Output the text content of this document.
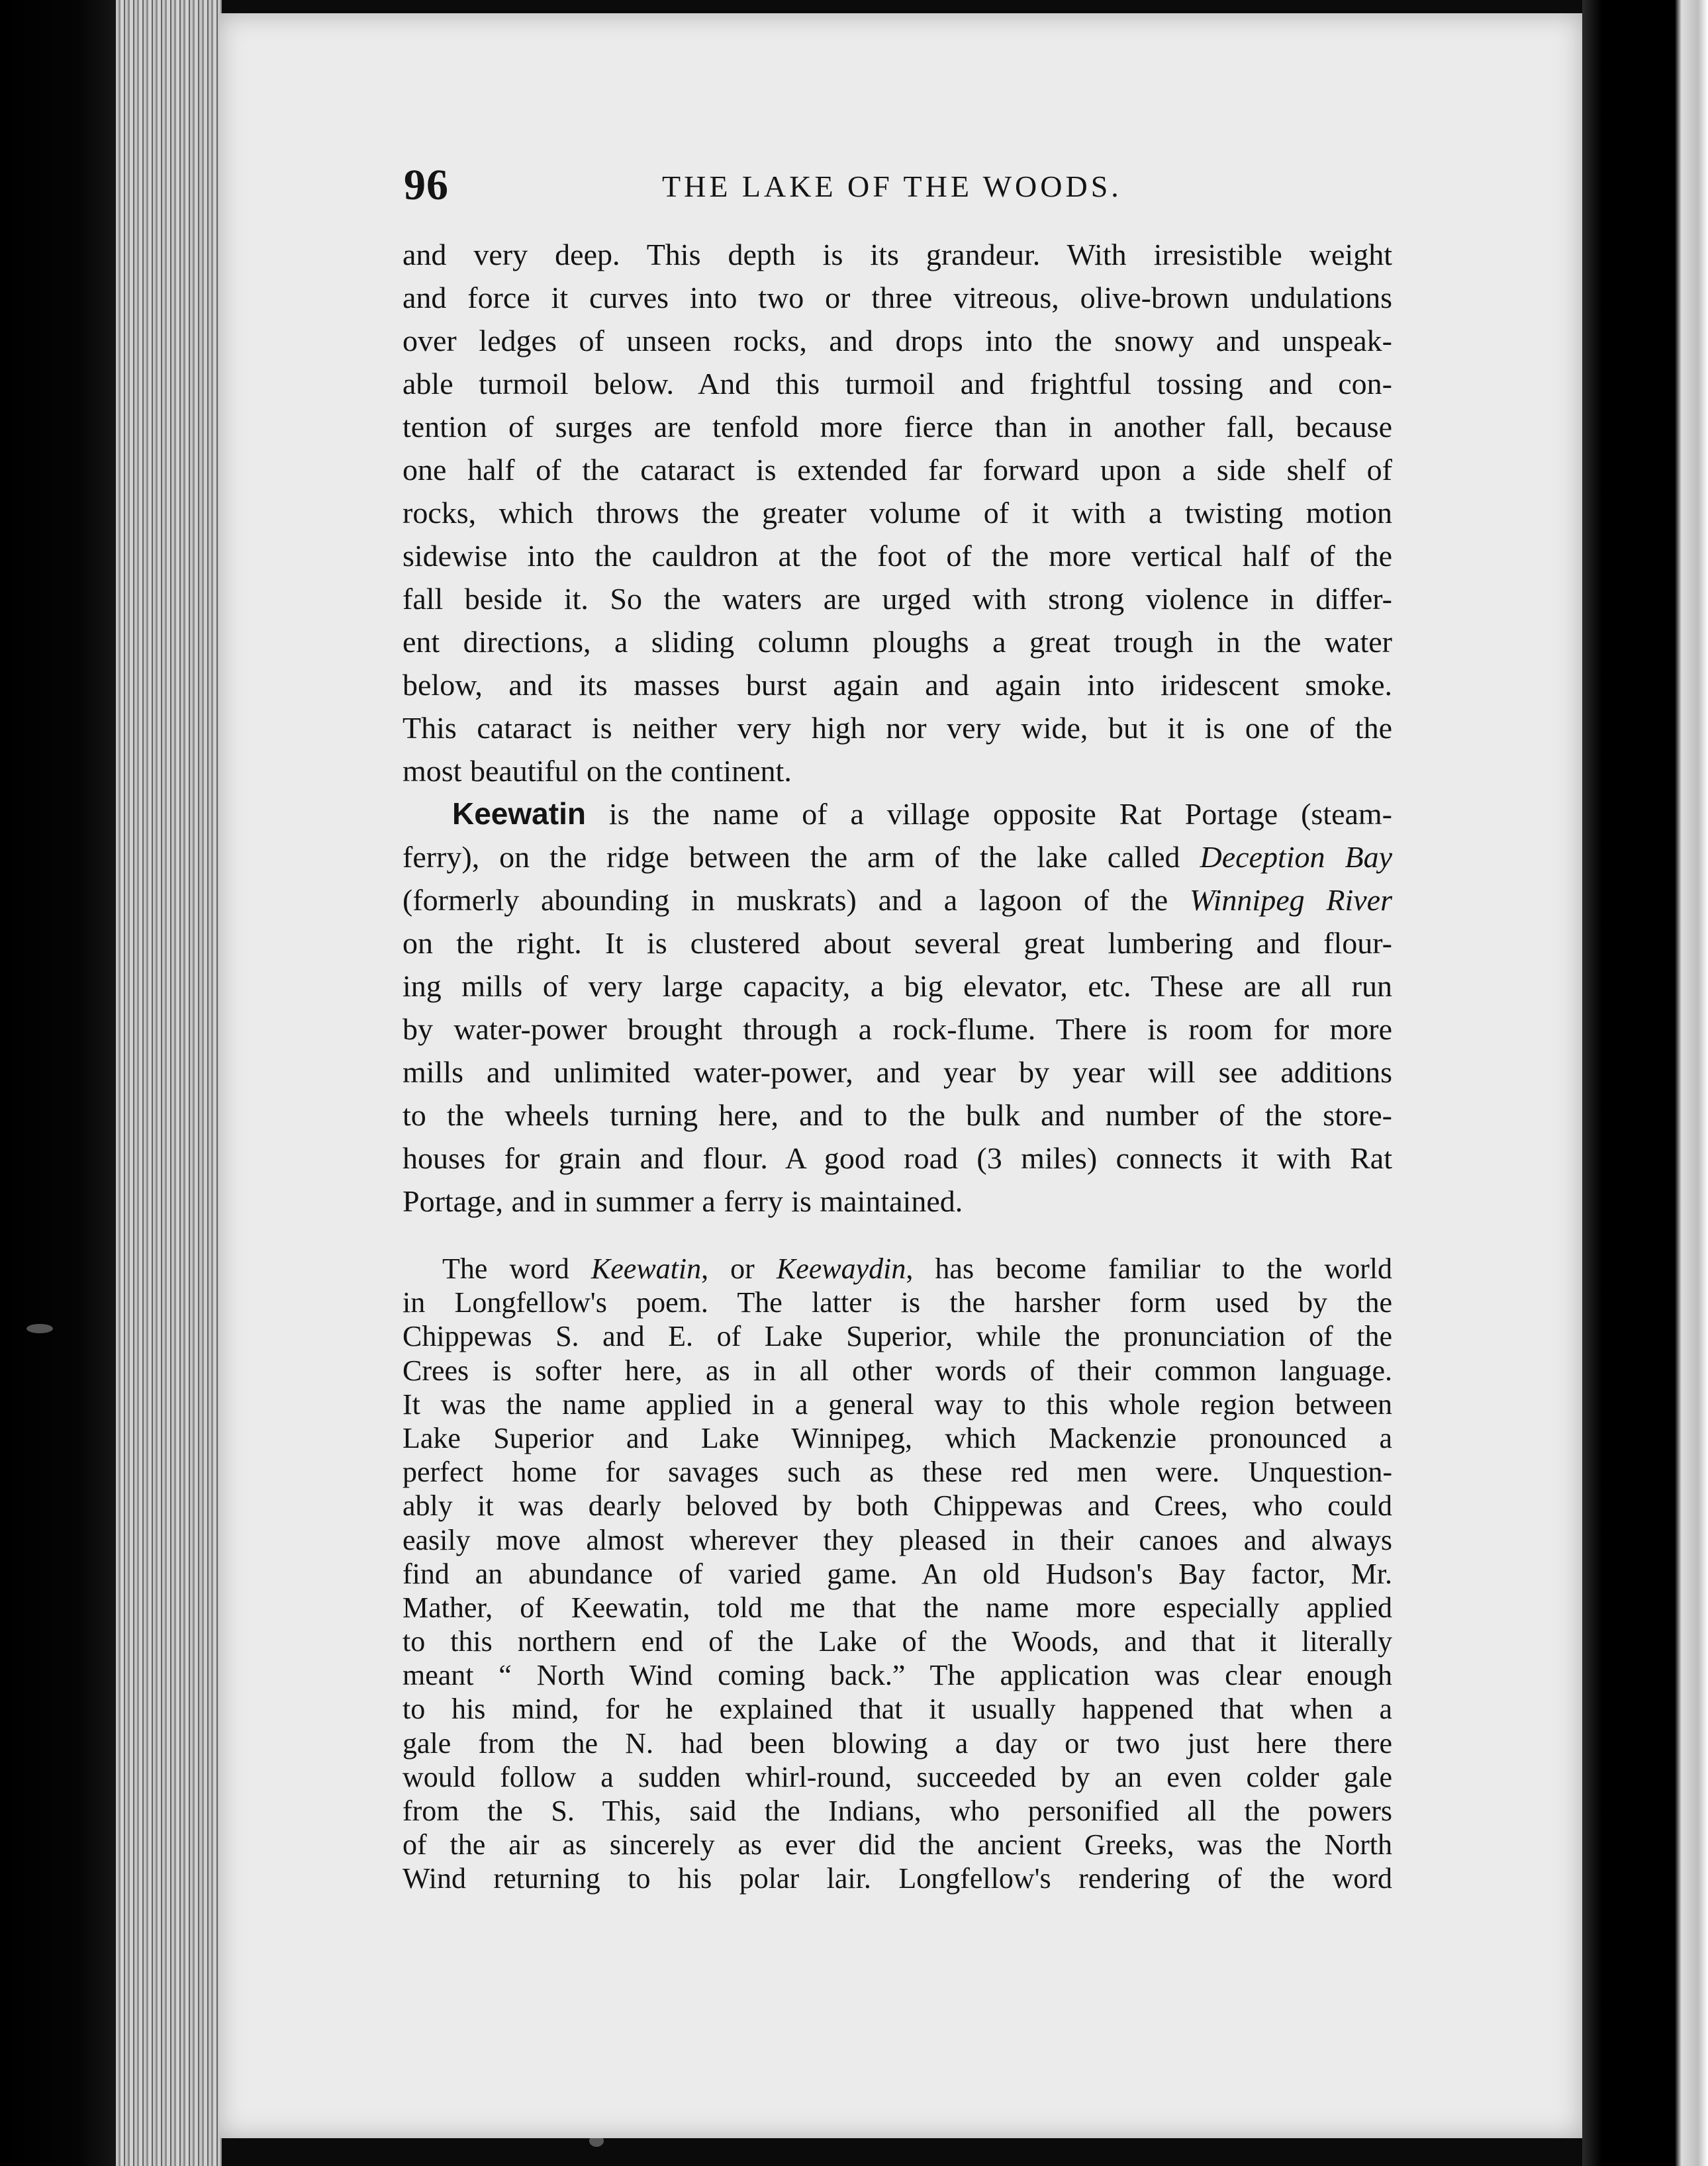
96	THE LAKE OF THE WOODS.
and very deep. This depth is its grandeur. With irresistible weight
and force it curves into two or three vitreous, olive-brown undulations
over ledges of unseen rocks, and drops into the snowy and unspeak-
able turmoil below. And this turmoil and frightful tossing and con-
tention of surges are tenfold more fierce than in another fall, because
one half of the cataract is extended far forward upon a side shelf of
rocks, which throws the greater volume of it with a twisting motion
sidewise into the cauldron at the foot of the more vertical half of the
fall beside it. So the waters are urged with strong violence in differ-
ent directions, a sliding column ploughs a great trough in the water
below, and its masses burst again and again into iridescent smoke.
This cataract is neither very high nor very wide, but it is one of the
most beautiful on the continent.
Keewatin is the name of a village opposite Rat Portage (steam-
ferry), on the ridge between the arm of the lake called Deception Bay
(formerly abounding in muskrats) and a lagoon of the Winnipeg River
on the right. It is clustered about several great lumbering and flour-
ing mills of very large capacity, a big elevator, etc. These are all run
by water-power brought through a rock-flume. There is room for more
mills and unlimited water-power, and year by year will see additions
to the wheels turning here, and to the bulk and number of the store-
houses for grain and flour. A good road (3 miles) connects it with Rat
Portage, and in summer a ferry is maintained.
The word Keewatin, or Keewaydin, has become familiar to the world
in Longfellow's poem. The latter is the harsher form used by the
Chippewas S. and E. of Lake Superior, while the pronunciation of the
Crees is softer here, as in all other words of their common language.
It was the name applied in a general way to this whole region between
Lake Superior and Lake Winnipeg, which Mackenzie pronounced a
perfect home for savages such as these red men were. Unquestion-
ably it was dearly beloved by both Chippewas and Crees, who could
easily move almost wherever they pleased in their canoes and always
find an abundance of varied game. An old Hudson's Bay factor, Mr.
Mather, of Keewatin, told me that the name more especially applied
to this northern end of the Lake of the Woods, and that it literally
meant “ North Wind coming back.” The application was clear enough
to his mind, for he explained that it usually happened that when a
gale from the N. had been blowing a day or two just here there
would follow a sudden whirl-round, succeeded by an even colder gale
from the S. This, said the Indians, who personified all the powers
of the air as sincerely as ever did the ancient Greeks, was the North
Wind returning to his polar lair. Longfellow's rendering of the word
